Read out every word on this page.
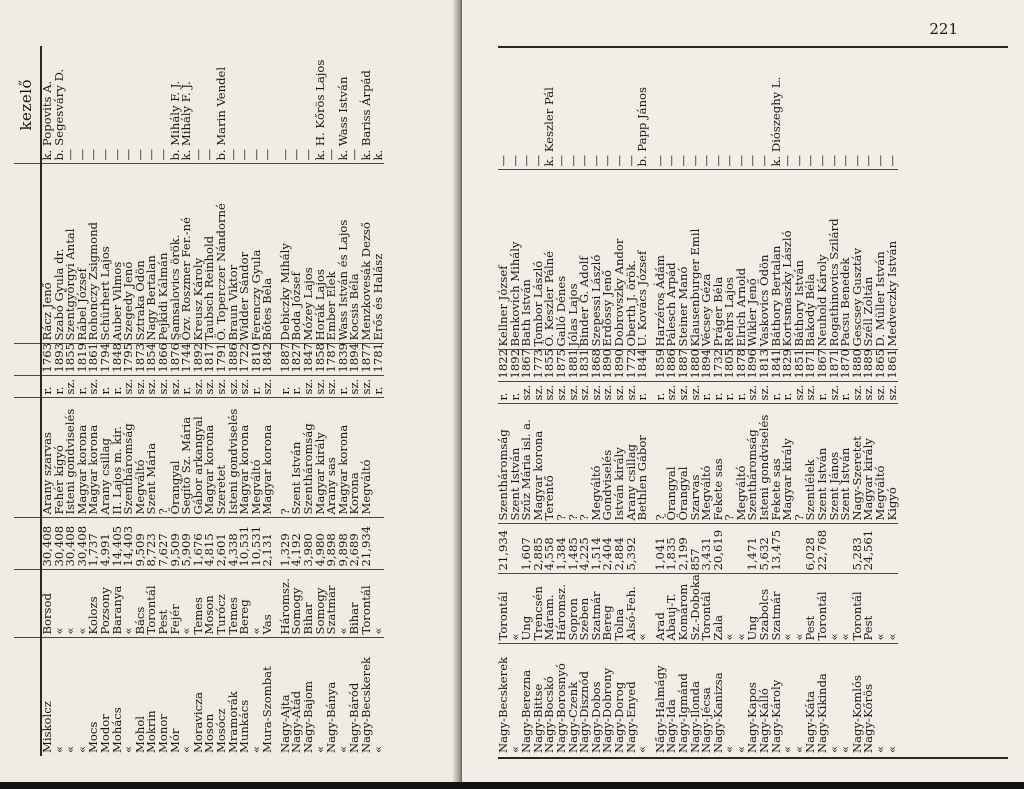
							kezelő
Miskolcz	Borsod	30,408	Arany szarvas	r.	1763	Rácz Jenő	k. Popovits A.
«	«	30,408	Fehér kígyó	r.	1893	Szabó Gyula dr.	b. Segesváry D.
«	«	30,408	Isteni gondviselés	sz.	1855	Szentgyörgyi Antal	—
«	«	30,408	Magyar korona	r.	1819	Rábel József	—
Mocs	Kolozs	1,737	Magyar korona	sz.	1861	Rohonczy Zsigmond	—
Modor	Pozsony	4,991	Arany csillag	r.	1794	Schürhert Lajos	—
Mohács	Baranya	14,405	II. Lajos m. kir.	r.	1848	Auber Vilmos	—
«	«	14,403	Szentháromság	sz.	1795	Szegedy Jenő	—
Mohol	Bács	9,509	Megváltó	sz.	1873	Sztraka Ödön	—
Mokrin	Torontál	8,723	Szent Mária	sz.	1854	Nagy Bertalan	—
Monor	Pest	7,627	?	sz.	1866	Pejkidi Kálmán	—
Mór	Fejér	9,509	Őrangyal	sz.	1876	Samsalovics örök.	b. Mihály F. J.
«	«	5,909	Segítő Sz. Mária	r.	1744	Özv. Roszmer Fer.-né	k. Mihály F. J.
Moravicza	Temes	1,676	Gábor arkangyal	sz.	1892	Kreusz Károly	—
Moson	Moson	4,815	Magyar korona	sz.	1817	Taubsch Reinhold	—
Mosócz	Turócz	2,601	Szeretet	sz.	1791	Ö. Toperczer Nándorné	b. Marin Vendel
Mramorák	Temes	4,338	Isteni gondviselés	sz.	1886	Braun Viktor	—
Munkács	Bereg	10,531	Magyar korona	sz.	1722	Widder Sándor	—
«	«	10,531	Megváltó	r.	1810	Ferenczy Gyula	—
Mura-Szombat	Vas	2,131	Magyar korona	sz.	1842	Bőtes Béla	—

Nagy-Ajta	Háromsz.	1,329	?	r.	1887	Debiczky Mihály	—
Nagy-Atád	Somogy	4,192	Szent István	r.	1827	Boda József	—
Nagy-Bajom	Bihar	3,980	Szentháromság	sz.	1847	Mózey Lajos	—
«	Somogy	4,980	Magyar király	sz.	1858	Horák Lajos	k. H. Kőrös Lajos
Nagy-Bánya	Szatmár	9,898	Arany sas	sz.	1787	Ember Elek	—
«	«	9,898	Magyar korona	r.	1839	Wass István és Lajos	k. Wass István
Nagy-Báród	Bihar	2,689	Korona	sz.	1894	Kocsis Béla	—
Nagy-Becskerek	Torontál	21,934	Megváltó	sz.	1877	Menzkovesák Dezső	k. Bariss Árpád
«	«			r.	1781	Erős és Halász	k.
221
Nagy-Becskerek	Torontál	21,934	Szentháromság	r.	1822	Kellner József	—
«	«		Szent István	r.	1892	Benkovich Mihály	—
Nagy-Berezna	Ung	1,607	Szűz Mária isl. a.	sz.	1867	Bath István	—
Nagy-Bittse	Trencsén	2,885	Magyar korona	sz.	1773	Tombor László	—
Nagy-Bocskó	Máram.	4,558	Terentő	sz.	1855	Ö. Keszler Pálné	k. Keszler Pál
Nagy-Borosnyó	Háromsz.	1,384	?	sz.	1875	Galló Dénes	—
Nagy-Czenk	Sopron	1,485	?	sz.	1881	Jólas Lajos	—
Nagy-Disznód	Szeben	4,225	?	sz.	1831	Binder G. Adolf	—
Nagy-Dobos	Szatmár	1,514	Megváltó	sz.	1868	Szepessi László	—
Nagy-Dobrony	Bereg	2,404	Gondviselés	sz.	1890	Erdőssy Jenő	—
Nagy-Dorog	Tolna	2,884	István király	sz.	1890	Dobrovszky Andor	—
Nagy-Enyed	Alsó-Feh.	5,392	Arany csillag	sz.	1772	Oberth J. örök.	—
«	«		Bethlen Gábor	r.	1844	U. Kovács József	b. Papp János

Na̋gy-Halmágy	Arad	1,041	?	r.	1859	Harzéros Ádám	—
Nagy-Ida	Abauj-T.	1,835	Őrangyal	sz.	1886	Pálesch Árpád	—
Nagy-Igmánd	Komárom	2,199	Őrangyal	sz.	1887	Steiner Manó	—
Nagy-Ilonda	Sz.-Doboka	857	Szarvas	sz.	1880	Klausenburger Emil	—
Nagy-Jécsa	Torontál	3,431	Megváltó	r.	1894	Vécsey Géza	—
Nagy-Kanizsa	Zala	20,619	Fekete sas	r.	1732	Práger Béla	—
«	«		?	r.	1805	Rehrs Lajos	—
«	«		Megváltó	r.	1878	Elrich Arnold	—
Nagy-Kapos	Ung	1,471	Szentháromság	sz.	1896	Wikler Jenő	—
Nagy-Kálló	Szabolcs	5,632	Isteni gondviselés	sz.	1813	Vaskovics Ödön	—
Nagy-Károly	Szatmár	13,475	Fekete sas	r.	1841	Báthory Bertalan	k. Diószeghy L.
«	«		Magyar király	r.	1829	Kortsmaszky László	—
«	«		?	sz.	1851	Báthory István	—
Nagy-Káta	Pest	6,028	Szentlélek	sz.	1871	Bakody Béla	—
Nagy-Kikinda	Torontál	22,768	Szent István	r.	1867	Neuhold Károly	—
«	«		Szent János	sz.	1871	Rogathinovics Szilárd	—
«	«		Szent István	r.	1870	Pacsu Benedek	—
Nagy-Komlós	Torontál	5,283	Nagy-Szeretet	sz.	1880	Gescsey Gusztáv	—
Nagy-Kőrös	Pest	24,561	Magyar király	sz.	1889	Széll Zoltán	—
«	«		Megváltó	sz.	1865	D. Müller István	—
«	«		Kigyó	sz.	1861	Medveczky István	—
